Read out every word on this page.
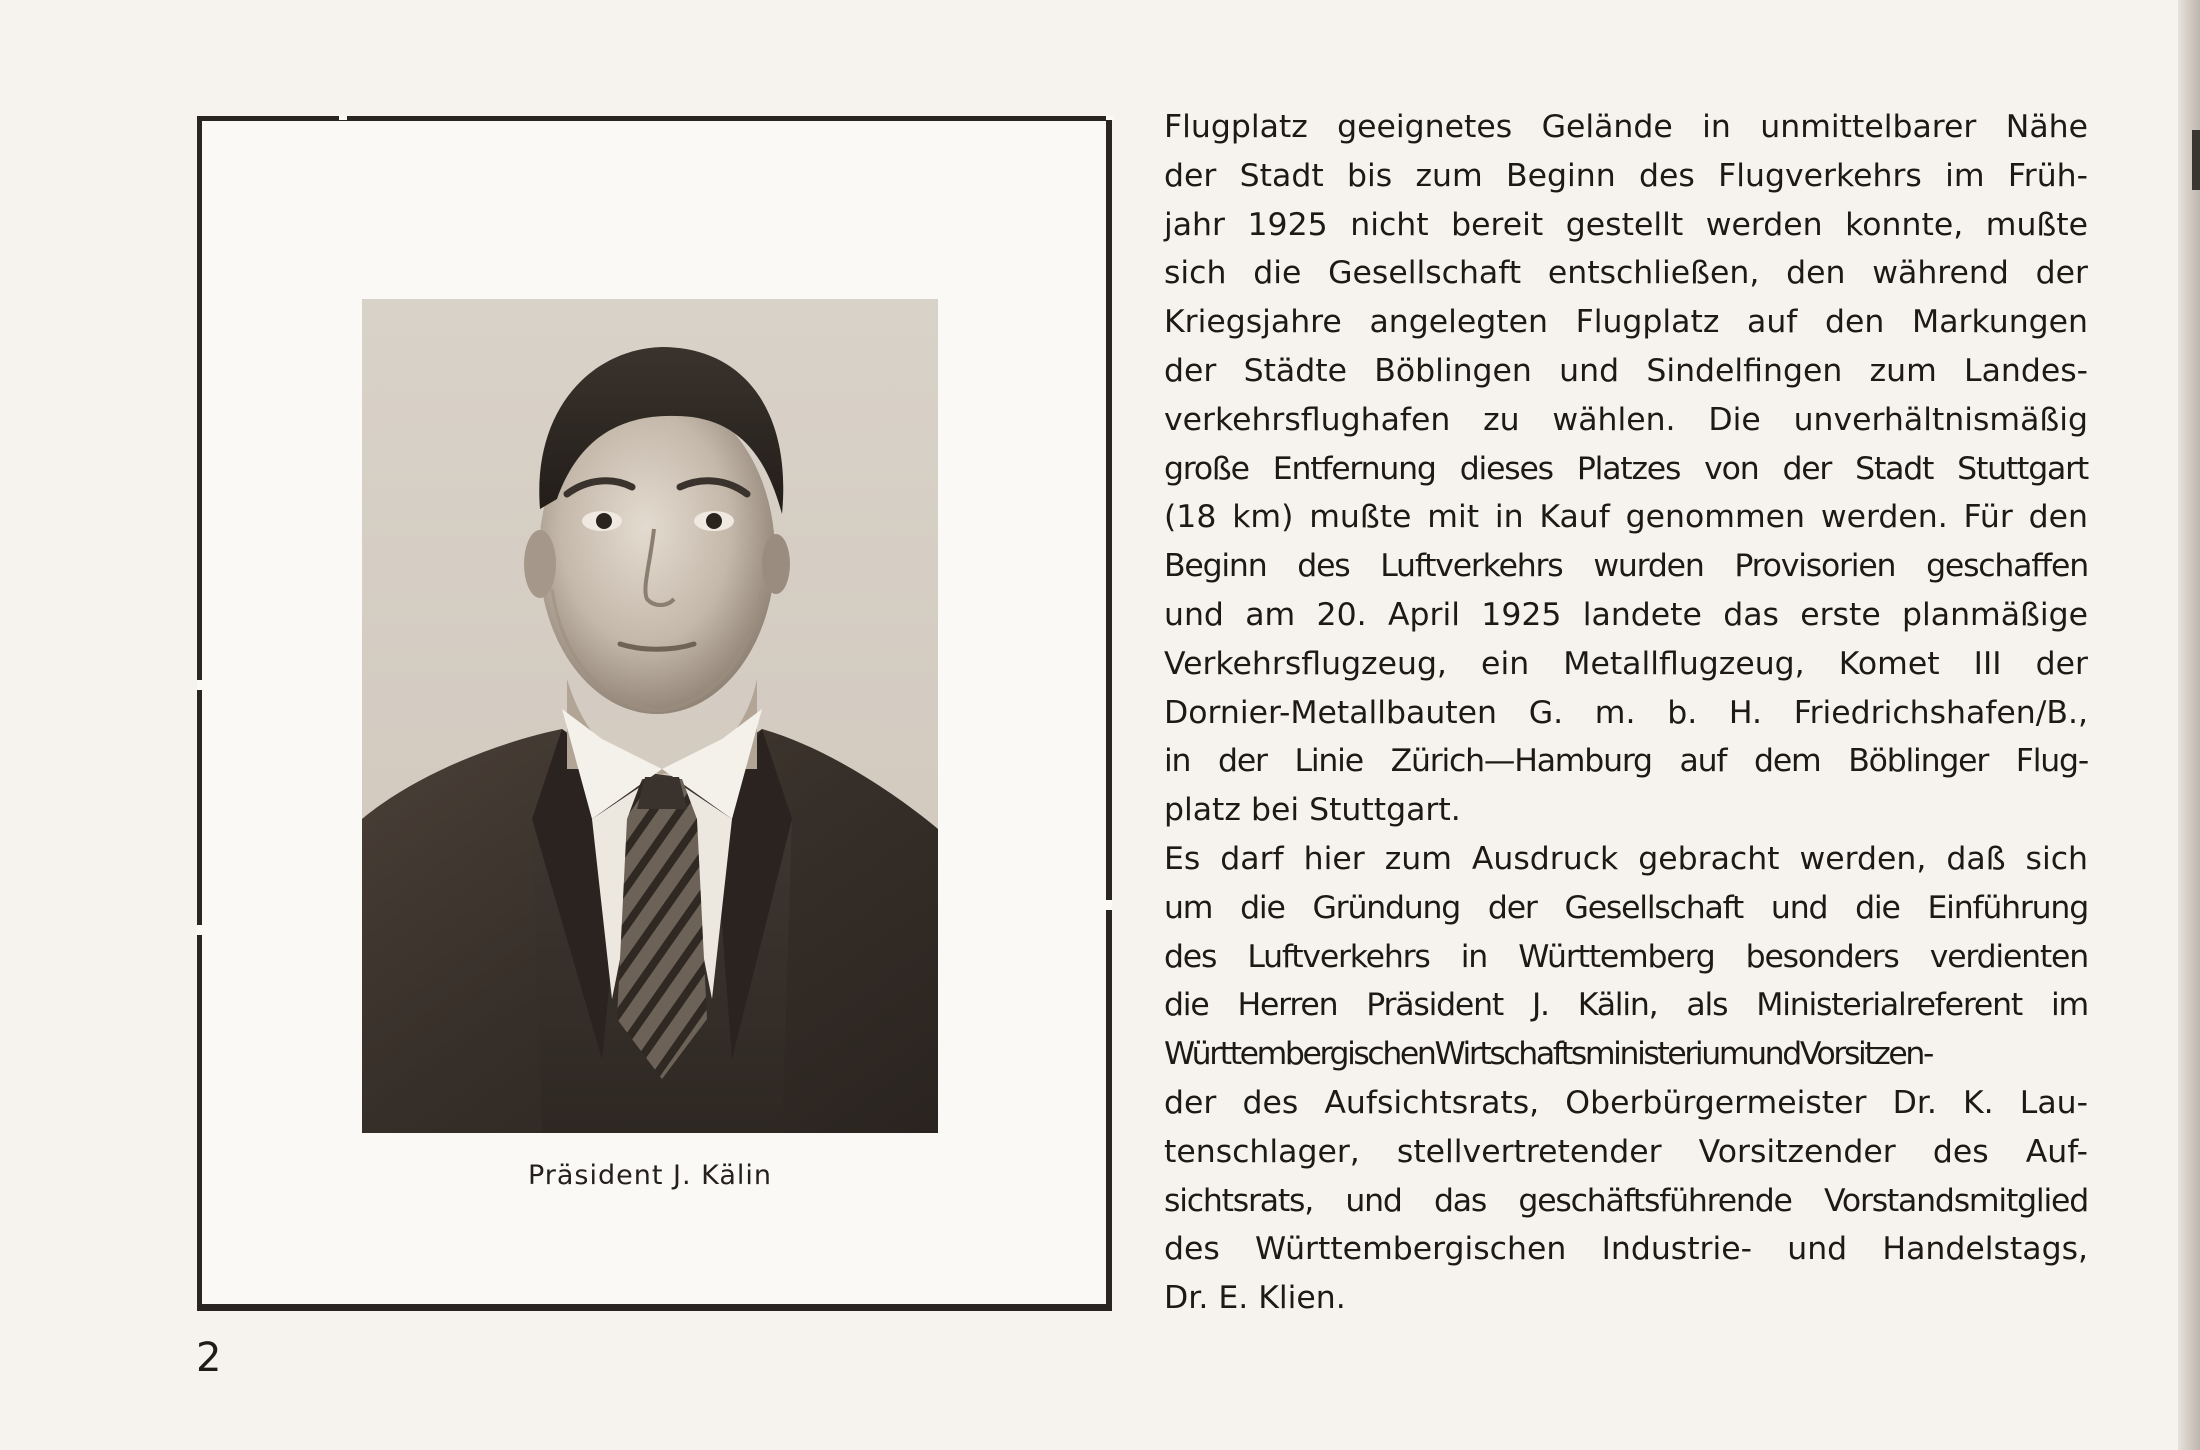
Präsident J. Kälin
2
Flugplatz geeignetes Gelände in unmittelbarer Nähe
der Stadt bis zum Beginn des Flugverkehrs im Früh-
jahr 1925 nicht bereit gestellt werden konnte, mußte
sich die Gesellschaft entschließen, den während der
Kriegsjahre angelegten Flugplatz auf den Markungen
der Städte Böblingen und Sindelfingen zum Landes-
verkehrsflughafen zu wählen. Die unverhältnismäßig
große Entfernung dieses Platzes von der Stadt Stuttgart
(18 km) mußte mit in Kauf genommen werden. Für den
Beginn des Luftverkehrs wurden Provisorien geschaffen
und am 20. April 1925 landete das erste planmäßige
Verkehrsflugzeug, ein Metallflugzeug, Komet III der
Dornier-Metallbauten G. m. b. H. Friedrichshafen/B.,
in der Linie Zürich—Hamburg auf dem Böblinger Flug-
platz bei Stuttgart.
Es darf hier zum Ausdruck gebracht werden, daß sich
um die Gründung der Gesellschaft und die Einführung
des Luftverkehrs in Württemberg besonders verdienten
die Herren Präsident J. Kälin, als Ministerialreferent im
WürttembergischenWirtschaftsministeriumundVorsitzen-
der des Aufsichtsrats, Oberbürgermeister Dr. K. Lau-
tenschlager, stellvertretender Vorsitzender des Auf-
sichtsrats, und das geschäftsführende Vorstandsmitglied
des Württembergischen Industrie- und Handelstags,
Dr. E. Klien.
